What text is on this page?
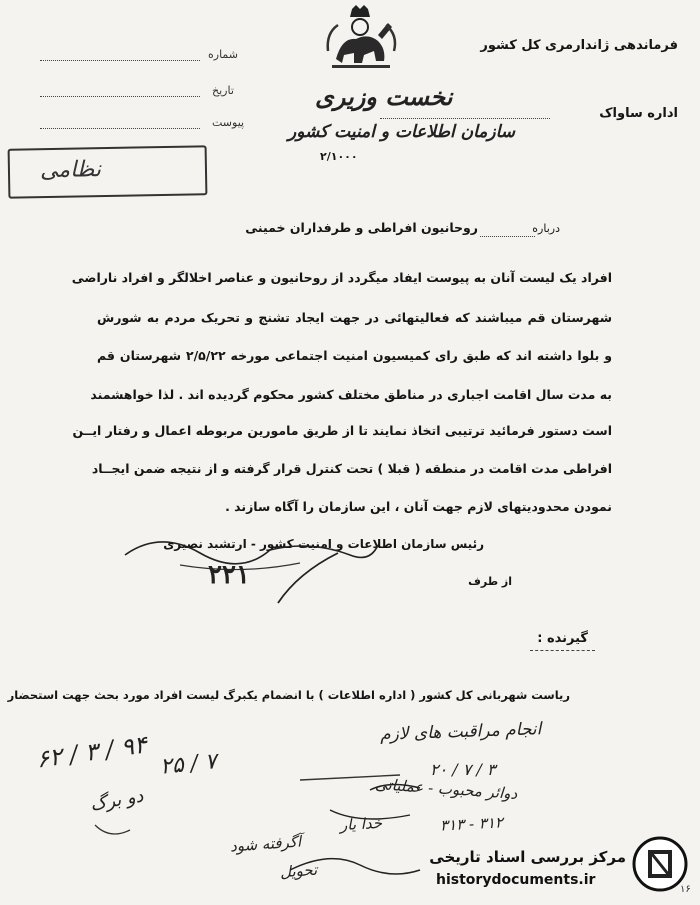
فرماندهی ژاندارمری کل کشور
اداره ساواک
نخست وزیری
سازمان اطلاعات و امنیت کشور
۲/۱۰۰۰
شماره
تاریخ
پیوست
نظامی
درباره
روحانیون افراطی و طرفداران خمینی
افراد یک لیست آنان به پیوست ایفاد میگردد از روحانیون و عناصر اخلالگر و افراد ناراضی
شهرستان قم میباشند که فعالیتهائی در جهت ایجاد تشنج و تحریک مردم به شورش
و بلوا داشته اند که طبق رای کمیسیون امنیت اجتماعی مورخه ۲/۵/۲۲ شهرستان قم
به مدت سال اقامت اجباری در مناطق مختلف کشور محکوم گردیده اند . لذا خواهشمند
است دستور فرمائید ترتیبی اتخاذ نمایند تا از طریق مامورین مربوطه اعمال و رفتار ایــن
افراطی مدت اقامت در منطقه ( قبلا ) تحت کنترل قرار گرفته و از نتیجه ضمن ایجــاد
نمودن محدودیتهای لازم جهت آنان ، این سازمان را آگاه سازند .
رئیس سازمان اطلاعات و امنیت کشور - ارتشبد نصیری
۲۲۱	از طرف
گیرنده :
ریاست شهربانی کل کشور ( اداره اطلاعات ) با انضمام یکبرگ لیست افراد مورد بحث جهت استحضار
انجام مراقبت های لازم
۲۰ / ۷ / ۳
دوائر محبوب - عملیاتی
۳۱۳ - ۳۱۲
خدا یار
۶۲ / ۳ / ۹۴ ۲۵ / ۷
دو برگ
آگرفته شود
تحویل
مرکز بررسی اسناد تاریخی
historydocuments.ir
۱۶
